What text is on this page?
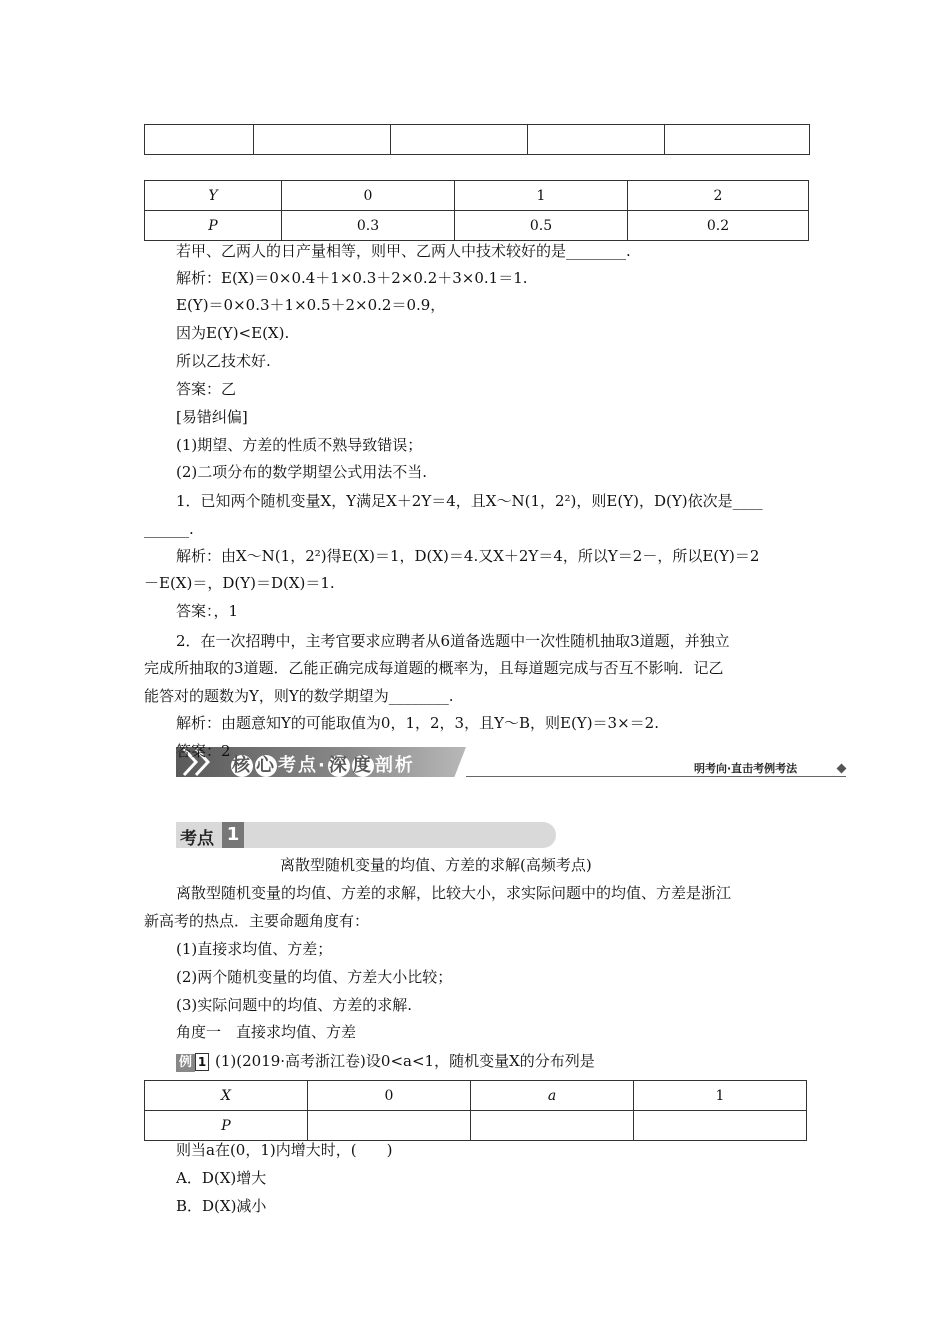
Y	0	1	2
P	0.3	0.5	0.2
若甲、乙两人的日产量相等，则甲、乙两人中技术较好的是________.
解析：E(X)＝0×0.4＋1×0.3＋2×0.2＋3×0.1＝1.
E(Y)＝0×0.3＋1×0.5＋2×0.2＝0.9，
因为E(Y)<E(X).
所以乙技术好.
答案：乙
[易错纠偏]
(1)期望、方差的性质不熟导致错误；
(2)二项分布的数学期望公式用法不当.
1．已知两个随机变量X，Y满足X＋2Y＝4，且X～N(1，2²)，则E(Y)，D(Y)依次是____
______.
解析：由X～N(1，2²)得E(X)＝1，D(X)＝4.又X＋2Y＝4，所以Y＝2－，所以E(Y)＝2
－E(X)＝，D(Y)＝D(X)＝1.
答案：，1
2．在一次招聘中，主考官要求应聘者从6道备选题中一次性随机抽取3道题，并独立
完成所抽取的3道题．乙能正确完成每道题的概率为，且每道题完成与否互不影响．记乙
能答对的题数为Y，则Y的数学期望为________.
解析：由题意知Y的可能取值为0，1，2，3，且Y～B，则E(Y)＝3×＝2.
核 心 考点· 深 度 剖析	明考向·直击考例考法
考点 1
离散型随机变量的均值、方差的求解(高频考点)
离散型随机变量的均值、方差的求解，比较大小，求实际问题中的均值、方差是浙江
新高考的热点．主要命题角度有：
(1)直接求均值、方差；
(2)两个随机变量的均值、方差大小比较；
(3)实际问题中的均值、方差的求解.
角度一　直接求均值、方差
例 1 (1)(2019·高考浙江卷)设0<a<1，随机变量X的分布列是
X	0	a	1
P			
则当a在(0，1)内增大时，(　　)
A．D(X)增大
B．D(X)减小
答案：2
